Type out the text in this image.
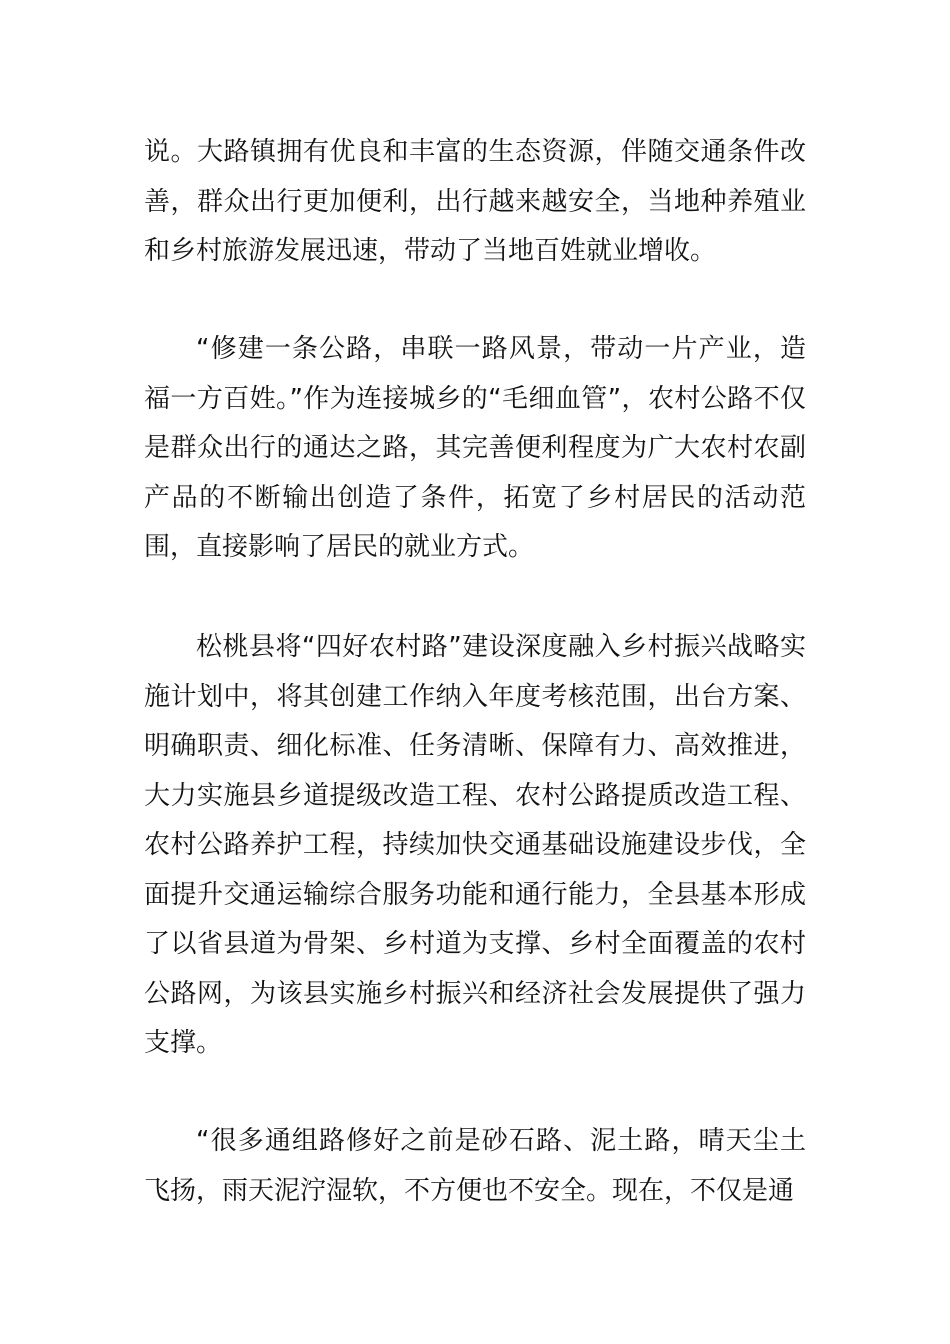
说。大路镇拥有优良和丰富的生态资源，伴随交通条件改善，群众出行更加便利，出行越来越安全，当地种养殖业和乡村旅游发展迅速，带动了当地百姓就业增收。

“修建一条公路，串联一路风景，带动一片产业，造福一方百姓。”作为连接城乡的“毛细血管”，农村公路不仅是群众出行的通达之路，其完善便利程度为广大农村农副产品的不断输出创造了条件，拓宽了乡村居民的活动范围，直接影响了居民的就业方式。

松桃县将“四好农村路”建设深度融入乡村振兴战略实施计划中，将其创建工作纳入年度考核范围，出台方案、明确职责、细化标准、任务清晰、保障有力、高效推进，大力实施县乡道提级改造工程、农村公路提质改造工程、农村公路养护工程，持续加快交通基础设施建设步伐，全面提升交通运输综合服务功能和通行能力，全县基本形成了以省县道为骨架、乡村道为支撑、乡村全面覆盖的农村公路网，为该县实施乡村振兴和经济社会发展提供了强力支撑。

“很多通组路修好之前是砂石路、泥土路，晴天尘土飞扬，雨天泥泞湿软，不方便也不安全。现在，不仅是通
